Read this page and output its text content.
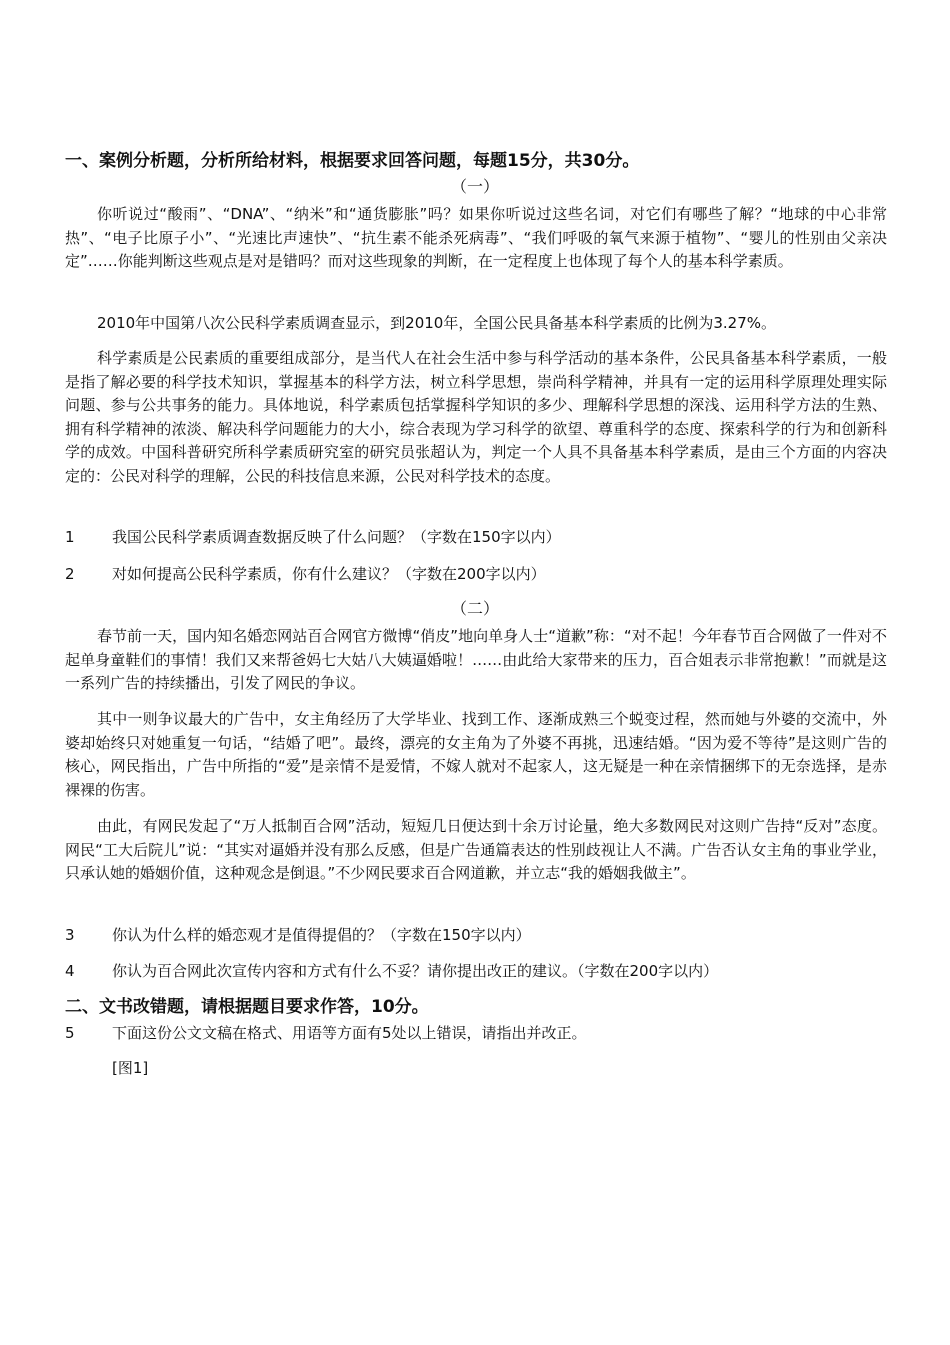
一、案例分析题，分析所给材料，根据要求回答问题，每题15分，共30分。
（一）

你听说过“酸雨”、“DNA”、“纳米”和“通货膨胀”吗？如果你听说过这些名词，对它们有哪些了解？“地球的中心非常热”、“电子比原子小”、“光速比声速快”、“抗生素不能杀死病毒”、“我们呼吸的氧气来源于植物”、“婴儿的性别由父亲决定”……你能判断这些观点是对是错吗？而对这些现象的判断，在一定程度上也体现了每个人的基本科学素质。

2010年中国第八次公民科学素质调查显示，到2010年，全国公民具备基本科学素质的比例为3.27%。

科学素质是公民素质的重要组成部分，是当代人在社会生活中参与科学活动的基本条件，公民具备基本科学素质，一般是指了解必要的科学技术知识，掌握基本的科学方法，树立科学思想，崇尚科学精神，并具有一定的运用科学原理处理实际问题、参与公共事务的能力。具体地说，科学素质包括掌握科学知识的多少、理解科学思想的深浅、运用科学方法的生熟、拥有科学精神的浓淡、解决科学问题能力的大小，综合表现为学习科学的欲望、尊重科学的态度、探索科学的行为和创新科学的成效。中国科普研究所科学素质研究室的研究员张超认为，判定一个人具不具备基本科学素质，是由三个方面的内容决定的：公民对科学的理解，公民的科技信息来源，公民对科学技术的态度。

1	我国公民科学素质调查数据反映了什么问题？（字数在150字以内）
2	对如何提高公民科学素质，你有什么建议？（字数在200字以内）
（二）

春节前一天，国内知名婚恋网站百合网官方微博“俏皮”地向单身人士“道歉”称：“对不起！今年春节百合网做了一件对不起单身童鞋们的事情！我们又来帮爸妈七大姑八大姨逼婚啦！……由此给大家带来的压力，百合姐表示非常抱歉！”而就是这一系列广告的持续播出，引发了网民的争议。

其中一则争议最大的广告中，女主角经历了大学毕业、找到工作、逐渐成熟三个蜕变过程，然而她与外婆的交流中，外婆却始终只对她重复一句话，“结婚了吧”。最终，漂亮的女主角为了外婆不再挑，迅速结婚。“因为爱不等待”是这则广告的核心，网民指出，广告中所指的“爱”是亲情不是爱情，不嫁人就对不起家人，这无疑是一种在亲情捆绑下的无奈选择，是赤裸裸的伤害。

由此，有网民发起了“万人抵制百合网”活动，短短几日便达到十余万讨论量，绝大多数网民对这则广告持“反对”态度。网民“工大后院儿”说：“其实对逼婚并没有那么反感，但是广告通篇表达的性别歧视让人不满。广告否认女主角的事业学业，只承认她的婚姻价值，这种观念是倒退。”不少网民要求百合网道歉，并立志“我的婚姻我做主”。

3	你认为什么样的婚恋观才是值得提倡的？（字数在150字以内）
4	你认为百合网此次宣传内容和方式有什么不妥？请你提出改正的建议。（字数在200字以内）
二、文书改错题，请根据题目要求作答，10分。
5	下面这份公文文稿在格式、用语等方面有5处以上错误，请指出并改正。
[图1]
